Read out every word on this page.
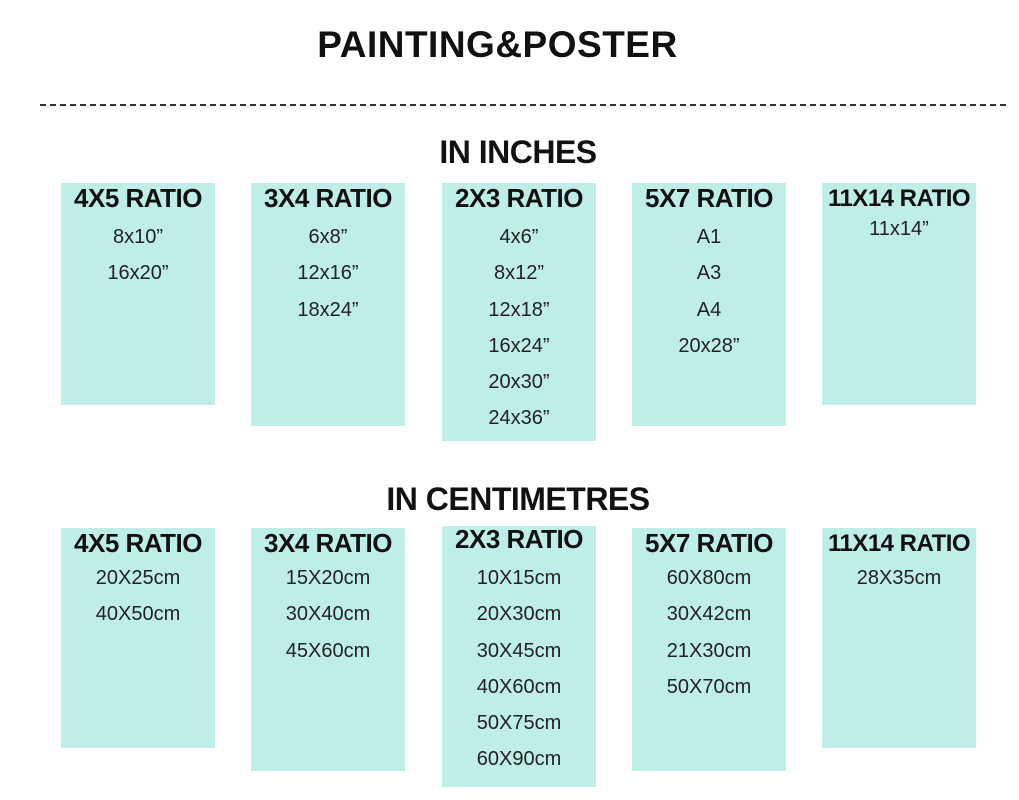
PAINTING&POSTER
IN INCHES
4X5 RATIO
8x10”
16x20”
3X4 RATIO
6x8”
12x16”
18x24”
2X3 RATIO
4x6”
8x12”
12x18”
16x24”
20x30”
24x36”
5X7 RATIO
A1
A3
A4
20x28”
11X14 RATIO
11x14”
IN CENTIMETRES
4X5 RATIO
20X25cm
40X50cm
3X4 RATIO
15X20cm
30X40cm
45X60cm
2X3 RATIO
10X15cm
20X30cm
30X45cm
40X60cm
50X75cm
60X90cm
5X7 RATIO
60X80cm
30X42cm
21X30cm
50X70cm
11X14 RATIO
28X35cm
